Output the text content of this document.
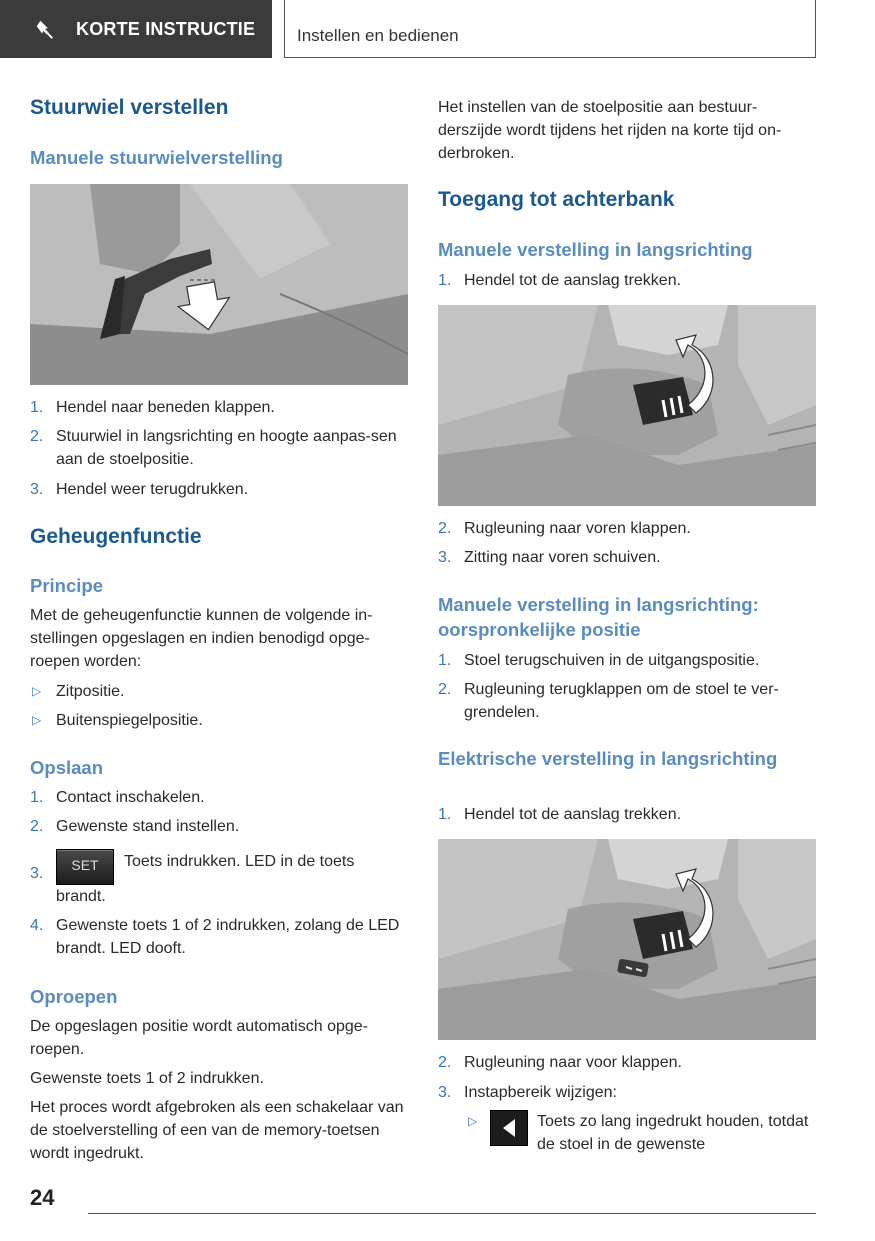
KORTE INSTRUCTIE	Instellen en bedienen
Stuurwiel verstellen
Manuele stuurwielverstelling
1. Hendel naar beneden klappen.
2. Stuurwiel in langsrichting en hoogte aanpas-sen aan de stoelpositie.
3. Hendel weer terugdrukken.
Geheugenfunctie
Principe

Met de geheugenfunctie kunnen de volgende in-stellingen opgeslagen en indien benodigd opge-roepen worden:

▷ Zitpositie.
▷ Buitenspiegelpositie.
Opslaan
1. Contact inschakelen.
2. Gewenste stand instellen.
3.	SET Toets indrukken. LED in de toets brandt.
4. Gewenste toets 1 of 2 indrukken, zolang de LED brandt. LED dooft.
Oproepen

De opgeslagen positie wordt automatisch opge-roepen.

Gewenste toets 1 of 2 indrukken.

Het proces wordt afgebroken als een schakelaar van de stoelverstelling of een van de memory-toetsen wordt ingedrukt.

Het instellen van de stoelpositie aan bestuur-derszijde wordt tijdens het rijden na korte tijd on-derbroken.

Toegang tot achterbank
Manuele verstelling in langsrichting
1. Hendel tot de aanslag trekken.
2. Rugleuning naar voren klappen.
3. Zitting naar voren schuiven.
Manuele verstelling in langsrichting: oorspronkelijke positie
1. Stoel terugschuiven in de uitgangspositie.
2. Rugleuning terugklappen om de stoel te ver-grendelen.
Elektrische verstelling in langsrichting
1. Hendel tot de aanslag trekken.
2. Rugleuning naar voor klappen.
3. Instapbereik wijzigen:
▷	Toets zo lang ingedrukt houden, totdat de stoel in de gewenste
24
